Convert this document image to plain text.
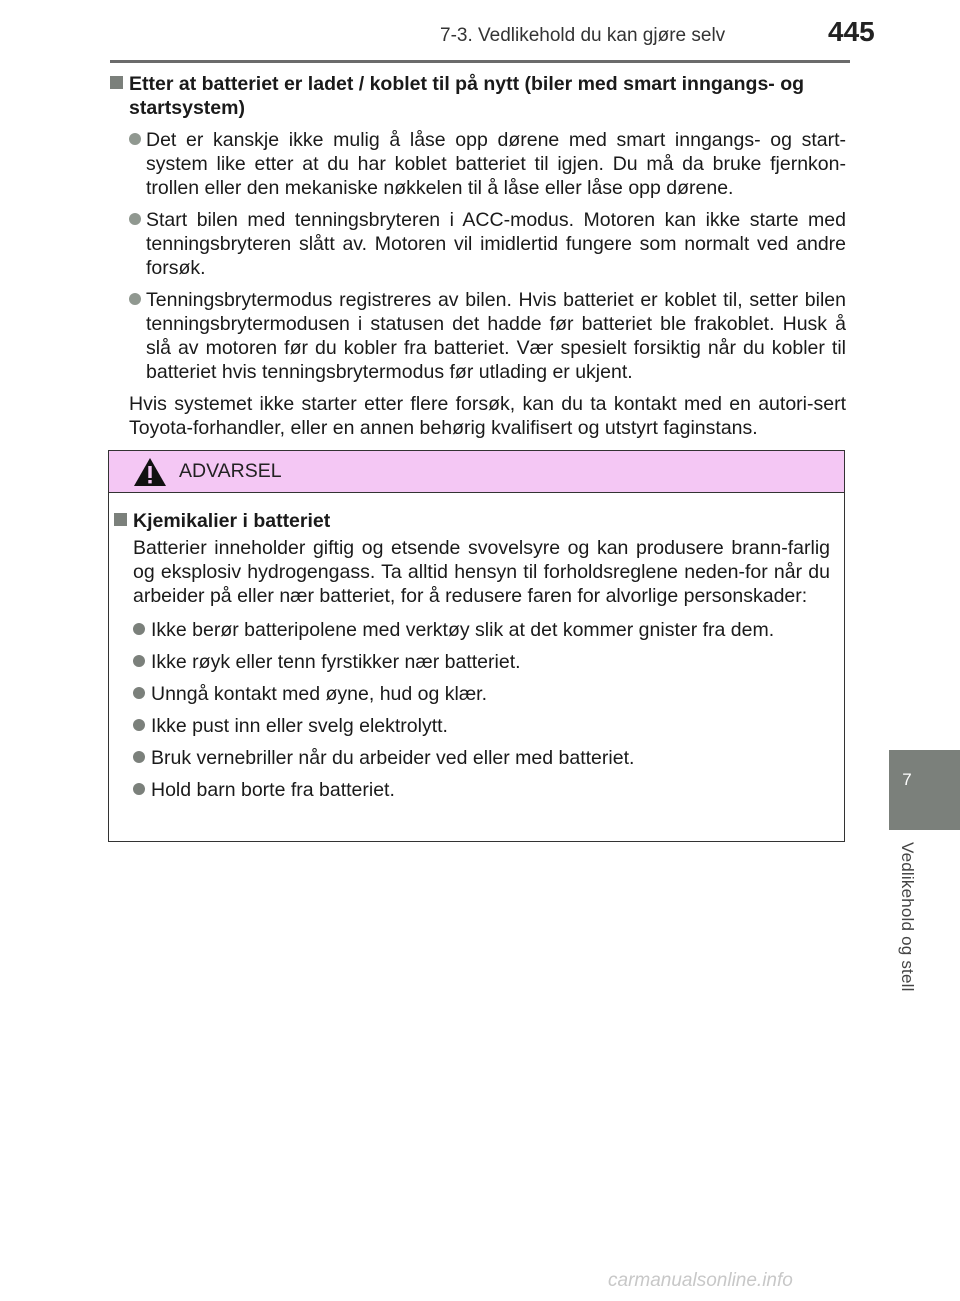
7-3. Vedlikehold du kan gjøre selv	445
7
Vedlikehold og stell
Etter at batteriet er ladet / koblet til på nytt (biler med smart inngangs- og startsystem)
Det er kanskje ikke mulig å låse opp dørene med smart inngangs- og start-system like etter at du har koblet batteriet til igjen. Du må da bruke fjernkon-trollen eller den mekaniske nøkkelen til å låse eller låse opp dørene.
Start bilen med tenningsbryteren i ACC-modus. Motoren kan ikke starte med tenningsbryteren slått av. Motoren vil imidlertid fungere som normalt ved andre forsøk.
Tenningsbrytermodus registreres av bilen. Hvis batteriet er koblet til, setter bilen tenningsbrytermodusen i statusen det hadde før batteriet ble frakoblet. Husk å slå av motoren før du kobler fra batteriet. Vær spesielt forsiktig når du kobler til batteriet hvis tenningsbrytermodus før utlading er ukjent.
Hvis systemet ikke starter etter flere forsøk, kan du ta kontakt med en autori-sert Toyota-forhandler, eller en annen behørig kvalifisert og utstyrt faginstans.
ADVARSEL
Kjemikalier i batteriet
Batterier inneholder giftig og etsende svovelsyre og kan produsere brann-farlig og eksplosiv hydrogengass. Ta alltid hensyn til forholdsreglene neden-for når du arbeider på eller nær batteriet, for å redusere faren for alvorlige personskader:
Ikke berør batteripolene med verktøy slik at det kommer gnister fra dem.
Ikke røyk eller tenn fyrstikker nær batteriet.
Unngå kontakt med øyne, hud og klær.
Ikke pust inn eller svelg elektrolytt.
Bruk vernebriller når du arbeider ved eller med batteriet.
Hold barn borte fra batteriet.
carmanualsonline.info
